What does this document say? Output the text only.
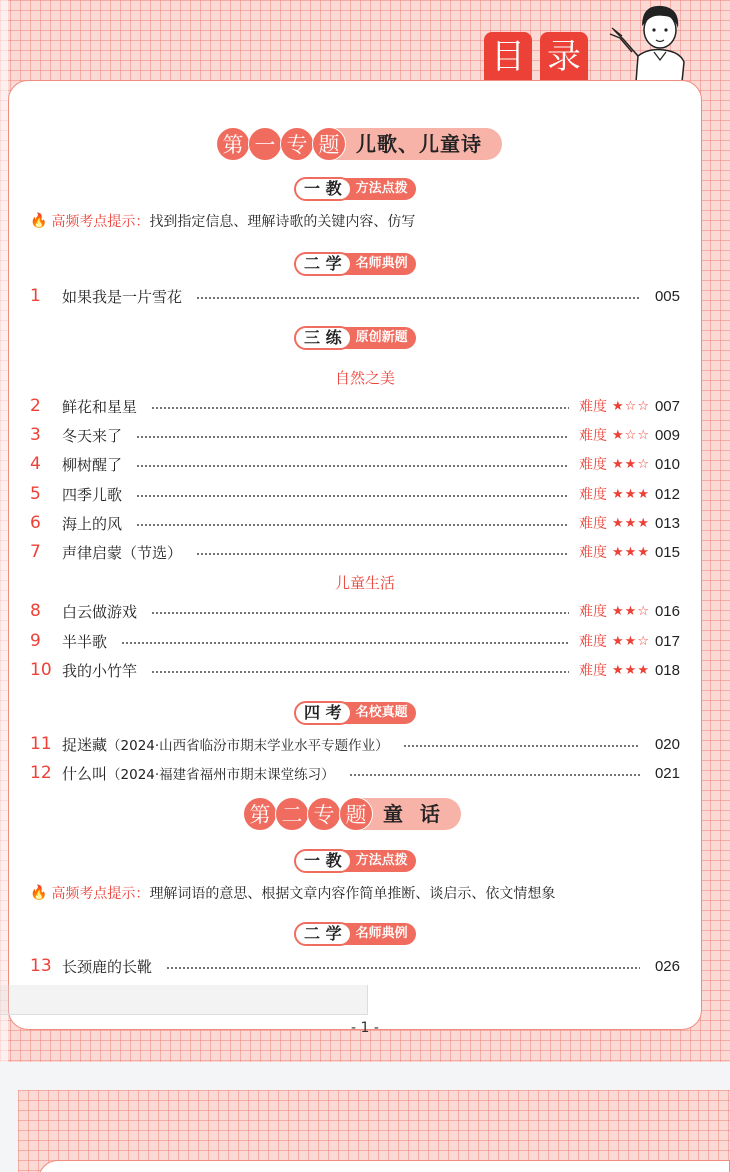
目 录
第 一 专 题 儿歌、儿童诗
一 教	方法点拨
🔥 高频考点提示： 找到指定信息、理解诗歌的关键内容、仿写
二 学	名师典例
1	如果我是一片雪花	005
三 练	原创新题
自然之美
2	鲜花和星星	难度 ★☆☆ 007
3	冬天来了	难度 ★☆☆ 009
4	柳树醒了	难度 ★★☆ 010
5	四季儿歌	难度 ★★★ 012
6	海上的风	难度 ★★★ 013
7	声律启蒙（节选）	难度 ★★★ 015
儿童生活
8	白云做游戏	难度 ★★☆ 016
9	半半歌	难度 ★★☆ 017
10 我的小竹竿	难度 ★★★ 018
四 考	名校真题
11 捉迷藏 （2024·山西省临汾市期末学业水平专题作业）	020
12 什么叫 （2024·福建省福州市期末课堂练习）	021
第 二 专 题 童  话
一 教	方法点拨
🔥 高频考点提示： 理解词语的意思、根据文章内容作简单推断、谈启示、依文情想象
二 学	名师典例
13 长颈鹿的长靴	026
- 1 -
